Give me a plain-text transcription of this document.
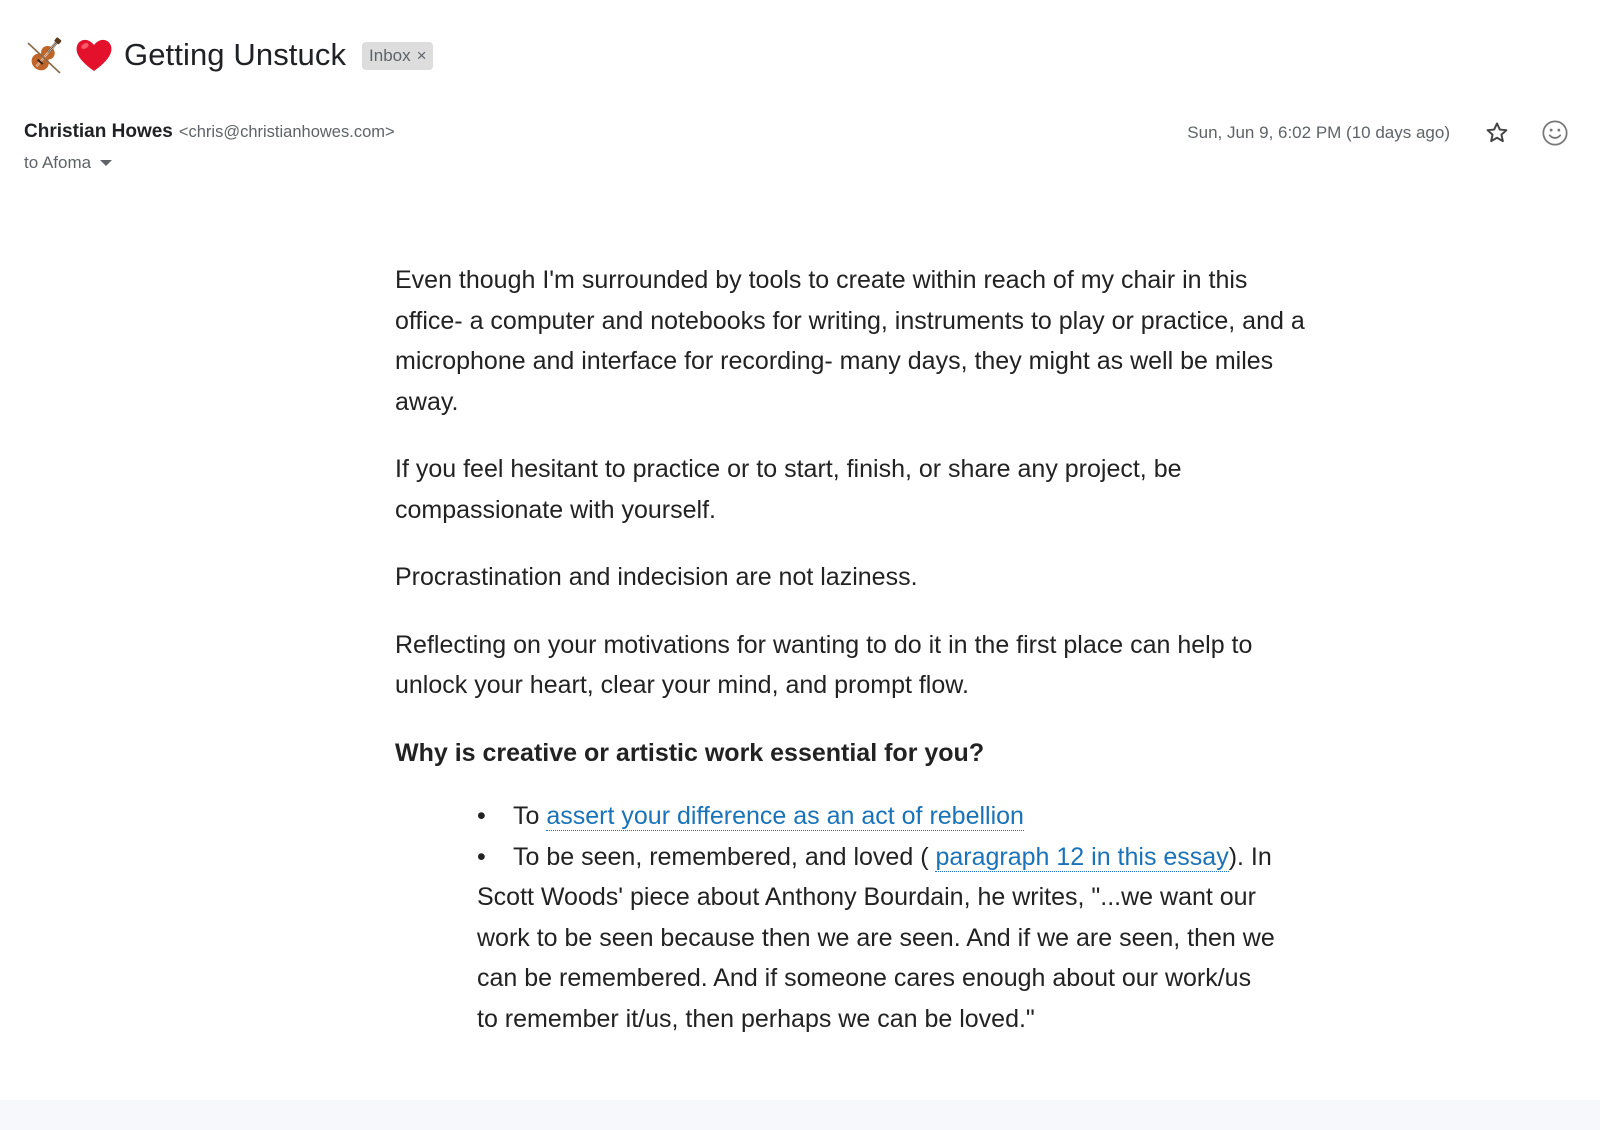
Getting Unstuck Inbox ×
Christian Howes <chris@christianhowes.com>
to Afoma
Sun, Jun 9, 6:02 PM (10 days ago)

Even though I'm surrounded by tools to create within reach of my chair in this office- a computer and notebooks for writing, instruments to play or practice, and a microphone and interface for recording- many days, they might as well be miles away.

If you feel hesitant to practice or to start, finish, or share any project, be compassionate with yourself.

Procrastination and indecision are not laziness.

Reflecting on your motivations for wanting to do it in the first place can help to unlock your heart, clear your mind, and prompt flow.

Why is creative or artistic work essential for you?

• To assert your difference as an act of rebellion
• To be seen, remembered, and loved ( paragraph 12 in this essay). In Scott Woods' piece about Anthony Bourdain, he writes, "...we want our work to be seen because then we are seen. And if we are seen, then we can be remembered. And if someone cares enough about our work/us to remember it/us, then perhaps we can be loved."
